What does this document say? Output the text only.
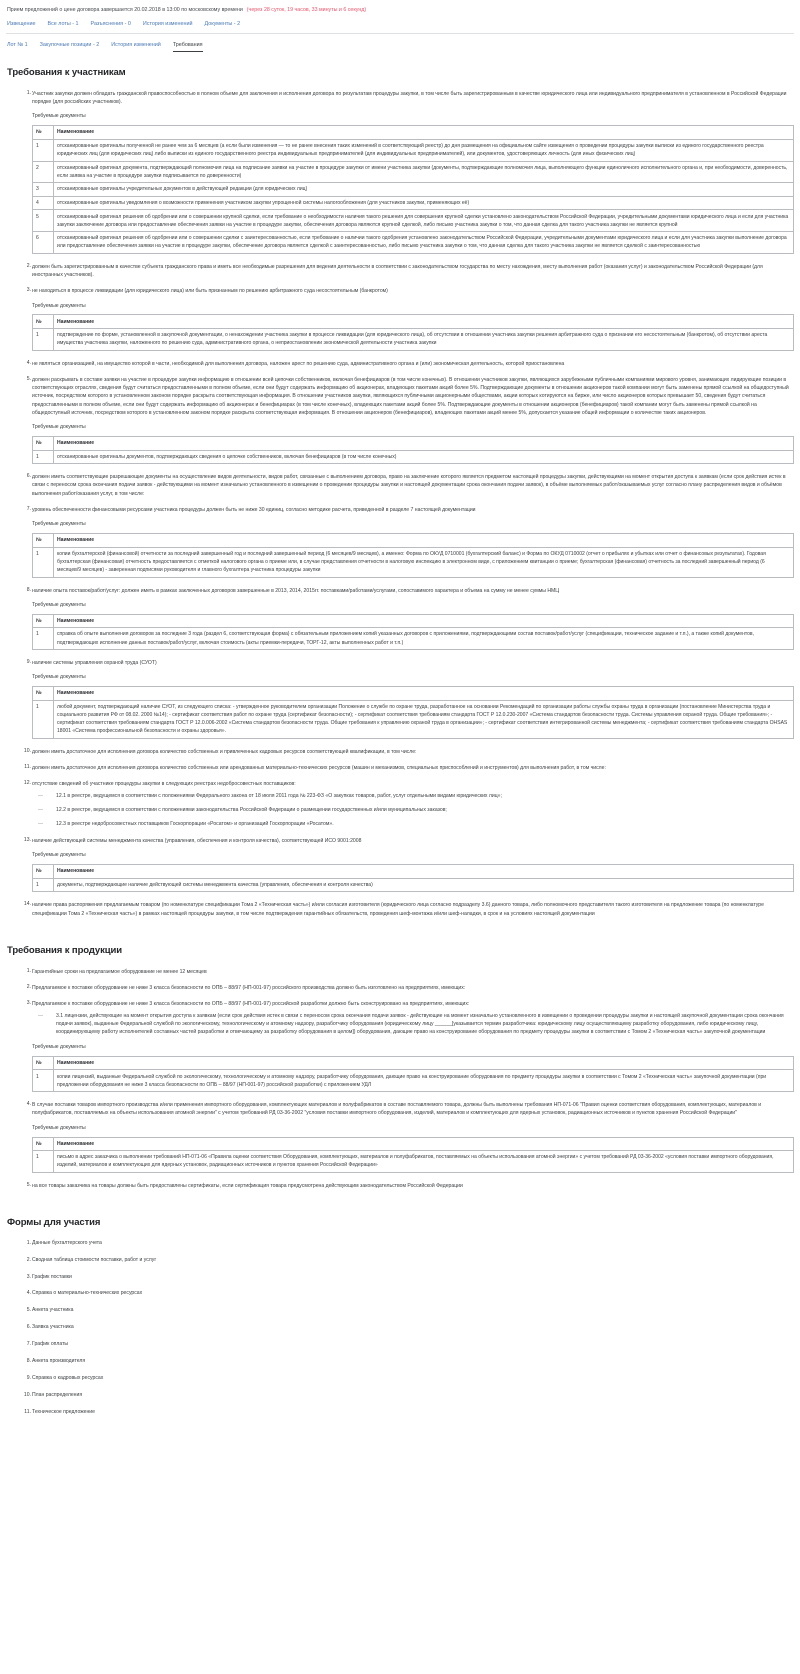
Прием предложений о цене договора завершается 20.02.2018 в 13:00 по московскому времени (через 28 суток, 19 часов, 33 минуты и 6 секунд)
Извещение Все лоты - 1 Разъяснения - 0 История изменений Документы - 2
Лот № 1 Закупочные позиции - 2 История изменений Требования
Требования к участникам
Участник закупки должен обладать гражданской правоспособностью в полном объеме для заключения и исполнения договора по результатам процедуры закупки, в том числе быть зарегистрированным в качестве юридического лица или индивидуального предпринимателя в установленном в Российской Федерации порядке (для российских участников).
Требуемые документы
№	Наименование
1	отсканированные оригиналы полученной не ранее чем за 6 месяцев (а если были изменения — то не ранее внесения таких изменений в соответствующий реестр) до дня размещения на официальном сайте извещения о проведении процедуры закупки выписки из единого государственного реестра юридических лиц (для юридических лиц) либо выписки из единого государственного реестра индивидуальных предпринимателей (для индивидуальных предпринимателей), или документов, удостоверяющих личность (для иных физических лиц)
2	отсканированный оригинал документа, подтверждающий полномочия лица на подписание заявки на участие в процедуре закупки от имени участника закупки (документы, подтверждающие полномочия лица, выполняющего функции единоличного исполнительного органа и, при необходимости, доверенность, если заявка на участие в процедуре закупки подписывается по доверенности)
3	отсканированные оригиналы учредительных документов в действующей редакции (для юридических лиц)
4	отсканированные оригиналы уведомления о возможности применения участником закупки упрощенной системы налогообложения (для участников закупки, применяющих её)
5	отсканированный оригинал решения об одобрении или о совершении крупной сделки, если требование о необходимости наличия такого решения для совершения крупной сделки установлено законодательством Российской Федерации, учредительными документами юридического лица и если для участника закупки заключение договора или предоставление обеспечения заявки на участие в процедуре закупки, обеспечения договора являются крупной сделкой, либо письмо участника закупки о том, что данная сделка для такого участника закупки не является крупной
6	отсканированный оригинал решения об одобрении или о совершении сделки с заинтересованностью, если требование о наличии такого одобрения установлено законодательством Российской Федерации, учредительными документами юридического лица и если для участника закупки выполнение договора или предоставление обеспечения заявки на участие в процедуре закупки, обеспечение договора является сделкой с заинтересованностью, либо письмо участника закупки о том, что данная сделка для такого участника закупки не является сделкой с заинтересованностью
должен быть зарегистрированным в качестве субъекта гражданского права и иметь все необходимые разрешения для ведения деятельности в соответствии с законодательством государства по месту нахождения, месту выполнения работ (оказания услуг) и законодательством Российской Федерации (для иностранных участников).
не находиться в процессе ликвидации (для юридического лица) или быть признанным по решению арбитражного суда несостоятельным (банкротом)
Требуемые документы
№	Наименование
1	подтверждение по форме, установленной в закупочной документации, о ненахождении участника закупки в процессе ликвидации (для юридического лица), об отсутствии в отношении участника закупки решения арбитражного суда о признании его несостоятельным (банкротом), об отсутствии ареста имущества участника закупки, наложенного по решению суда, административного органа, о неприостановлении экономической деятельности участника закупки
не являться организацией, на имущество которой в части, необходимой для выполнения договора, наложен арест по решению суда, административного органа и (или) экономическая деятельность, которой приостановлена
должен раскрывать в составе заявки на участие в процедуре закупки информацию в отношении всей цепочки собственников, включая бенефициаров (в том числе конечных). В отношении участников закупки, являющихся зарубежными публичными компаниями мирового уровня, занимающих лидирующие позиции в соответствующих отраслях, сведения будут считаться предоставленными в полном объеме, если они будут содержать информацию об акционерах, владеющих пакетами акций более 5%. Подтверждающие документы в отношении акционеров такой компании могут быть заменены прямой ссылкой на общедоступный источник, посредством которого в установленном законом порядке раскрыта соответствующая информация. В отношении участников закупки, являющихся публичными акционерными обществами, акции которых котируются на бирже, или число акционеров которых превышает 50, сведения будут считаться предоставленными в полном объеме, если они будут содержать информацию об акционерах и бенефициарах (в том числе конечных), владеющих пакетами акций более 5%. Подтверждающие документы в отношении акционеров (бенефициаров) такой компании могут быть заменены прямой ссылкой на общедоступный источник, посредством которого в установленном законом порядке раскрыта соответствующая информация. В отношении акционеров (бенефициаров), владеющих пакетами акций менее 5%, допускается указание общей информации о количестве таких акционеров.
Требуемые документы
№	Наименование
1	отсканированные оригиналы документов, подтверждающих сведения о цепочке собственников, включая бенефициаров (в том числе конечных)
должен иметь соответствующие разрешающие документы на осуществление видов деятельности, видов работ, связанные с выполнением договора, право на заключение которого является предметом настоящей процедуры закупки, действующими на момент открытия доступа к заявкам (если срок действия истек в связи с переносом срока окончания подачи заявок - действующими на момент изначально установленного в извещении о проведении процедуры закупки и настоящей документации срока окончания подачи заявок), в объёме выполняемых работ/оказываемых услуг согласно плану распределения видов и объёмов выполнения работ/оказания услуг, в том числе:
уровень обеспеченности финансовыми ресурсами участника процедуры должен быть не ниже 30 единиц, согласно методике расчета, приведенной в разделе 7 настоящей документации
Требуемые документы
№	Наименование
1	копии бухгалтерской (финансовой) отчетности за последний завершенный год и последний завершенный период (6 месяцев/9 месяцев), а именно: Форма по ОКУД 0710001 (бухгалтерский баланс) и Форма по ОКУД 0710002 (отчет о прибылях и убытках или отчет о финансовых результатах). Годовая бухгалтерская (финансовая) отчетность предоставляется с отметкой налогового органа о приеме или, в случае представления отчетности в налоговую инспекцию в электронном виде, с приложением квитанции о приеме; бухгалтерская (финансовая) отчетность за последний завершенный период (6 месяцев/9 месяцев) - заверенная подписями руководителя и главного бухгалтера участника процедуры закупки
наличие опыта поставок/работ/услуг: должен иметь в рамках заключенных договоров завершенные в 2013, 2014, 2015гг. поставками/работами/услугами, сопоставимого характера и объема на сумму не менее суммы НМЦ
Требуемые документы
№	Наименование
1	справка об опыте выполнения договоров за последние 3 года (раздел 6, соответствующая форма) с обязательным приложением копий указанных договоров с приложениями, подтверждающими состав поставок/работ/услуг (спецификации, техническое задание и т.п.), а также копий документов, подтверждающих исполнение данных поставок/работ/услуг, включая стоимость (акты приемки-передачи, ТОРГ-12, акты выполненных работ и т.п.)
наличие системы управления охраной труда (СУОТ)
Требуемые документы
№	Наименование
1	любой документ, подтверждающий наличие СУОТ, из следующего списка: - утвержденное руководителем организации Положение о службе по охране труда, разработанное на основании Рекомендаций по организации работы службы охраны труда в организации (постановление Министерства труда и социального развития РФ от 08.02. 2000 №14); - сертификат соответствия работ по охране труда (сертификат безопасности); - сертификат соответствия требованиям стандарта ГОСТ Р 12.0.230-2007 «Система стандартов безопасности труда. Системы управления охраной труда. Общие требования»; - сертификат соответствия требованиям стандарта ГОСТ Р 12.0.006-2002 «Система стандартов безопасности труда. Общие требования к управлению охраной труда в организации»; - сертификат соответствия интегрированной системы менеджмента; - сертификат соответствия требованиям стандарта OHSAS 18001 «Система профессиональной безопасности и охраны здоровья».
должен иметь достаточное для исполнения договора количество собственных и привлеченных кадровых ресурсов соответствующей квалификации, в том числе:
должен иметь достаточное для исполнения договора количество собственных или арендованных материально-технических ресурсов (машин и механизмов, специальных приспособлений и инструментов) для выполнения работ, в том числе:
отсутствие сведений об участнике процедуры закупки в следующих реестрах недобросовестных поставщиков:
— 12.1 в реестре, ведущемся в соответствии с положениями Федерального закона от 18 июля 2011 года № 223-ФЗ «О закупках товаров, работ, услуг отдельными видами юридических лиц»;
— 12.2 в реестре, ведущемся в соответствии с положениями законодательства Российской Федерации о размещении государственных и/или муниципальных заказов;
— 12.3 в реестре недобросовестных поставщиков Госкорпорации «Росатом» и организаций Госкорпорации «Росатом».
наличие действующей системы менеджмента качества (управления, обеспечения и контроля качества), соответствующей ИСО 9001:2008
Требуемые документы
№	Наименование
1	документы, подтверждающие наличие действующей системы менеджмента качества (управления, обеспечения и контроля качества)
наличие права распоряжения предлагаемым товаром (по номенклатуре спецификации Тома 2 «Техническая часть») и/или согласия изготовителя (юридического лица согласно подразделу 3.6) данного товара, либо полномочного представителя такого изготовителя на предложение товара (по номенклатуре спецификации Тома 2 «Техническая часть») в рамках настоящей процедуры закупки, в том числе подтверждения гарантийных обязательств, проведения шеф-монтажа и/или шеф-наладки, в срок и на условиях настоящей документации
Требования к продукции
Гарантийные сроки на предлагаемое оборудование не менее 12 месяцев
Предлагаемое к поставке оборудование не ниже 3 класса безопасности по ОПБ – 88/97 (НП-001-97) российского производства должно быть изготовлено на предприятиях, имеющих:
Предлагаемое к поставке оборудование не ниже 3 класса безопасности по ОПБ – 88/97 (НП-001-97) российской разработки должно быть сконструировано на предприятиях, имеющих:
— 3.1 лицензии, действующие на момент открытия доступа к заявкам (если срок действия истек в связи с переносом срока окончания подачи заявок - действующие на момент изначально установленного в извещении о проведении процедуры закупки и настоящей закупочной документации срока окончания подачи заявок), выданные Федеральной службой по экологическому, технологическому и атомному надзору, разработчику оборудования (юридическому лицу ______[указывается термин разработчика: юридическому лицу осуществляющему разработку оборудования, либо юридическому лицу, координирующему работу исполнителей составных частей разработки и отвечающему за разработку оборудования в целом]) оборудования, дающие право на конструирование оборудования по предмету процедуры закупки в соответствии с Томом 2 «Техническая часть» закупочной документации
Требуемые документы
№	Наименование
1	копии лицензий, выданные Федеральной службой по экологическому, технологическому и атомному надзору, разработчику оборудования, дающие право на конструирование оборудования по предмету процедуры закупки в соответствии с Томом 2 «Техническая часть» закупочной документации (при предложении оборудования не ниже 3 класса безопасности по ОПБ – 88/97 (НП-001-97) российской разработки) с приложением УДЛ
В случае поставки товаров импортного производства и/или применения импортного оборудования, комплектующих материалов и полуфабрикатов в составе поставляемого товара, должны быть выполнены требования НП-071-06 "Правил оценки соответствия оборудования, комплектующих, материалов и полуфабрикатов, поставляемых на объекты использования атомной энергии" с учетом требований РД 03-36-2002 "условия поставки импортного оборудования, изделий, материалов и комплектующих для ядерных установок, радиационных источников и пунктов хранения Российской Федерации"
Требуемые документы
№	Наименование
1	письмо в адрес заказчика о выполнении требований НП-071-06 «Правила оценки соответствия Оборудования, комплектующих, материалов и полуфабрикатов, поставляемых на объекты использования атомной энергии» с учетом требований РД 03-36-2002 «условия поставки импортного оборудования, изделий, материалов и комплектующих для ядерных установок, радиационных источников и пунктов хранения Российской Федерации»
на все товары заказчика на товары должны быть предоставлены сертификаты, если сертификация товара предусмотрена действующим законодательством Российской Федерации
Формы для участия
Данные бухгалтерского учета
Сводная таблица стоимости поставки, работ и услуг
График поставки
Справка о материально-технических ресурсах
Анкета участника
Заявка участника
График оплаты
Анкета производителя
Справка о кадровых ресурсах
План распределения
Техническое предложение
